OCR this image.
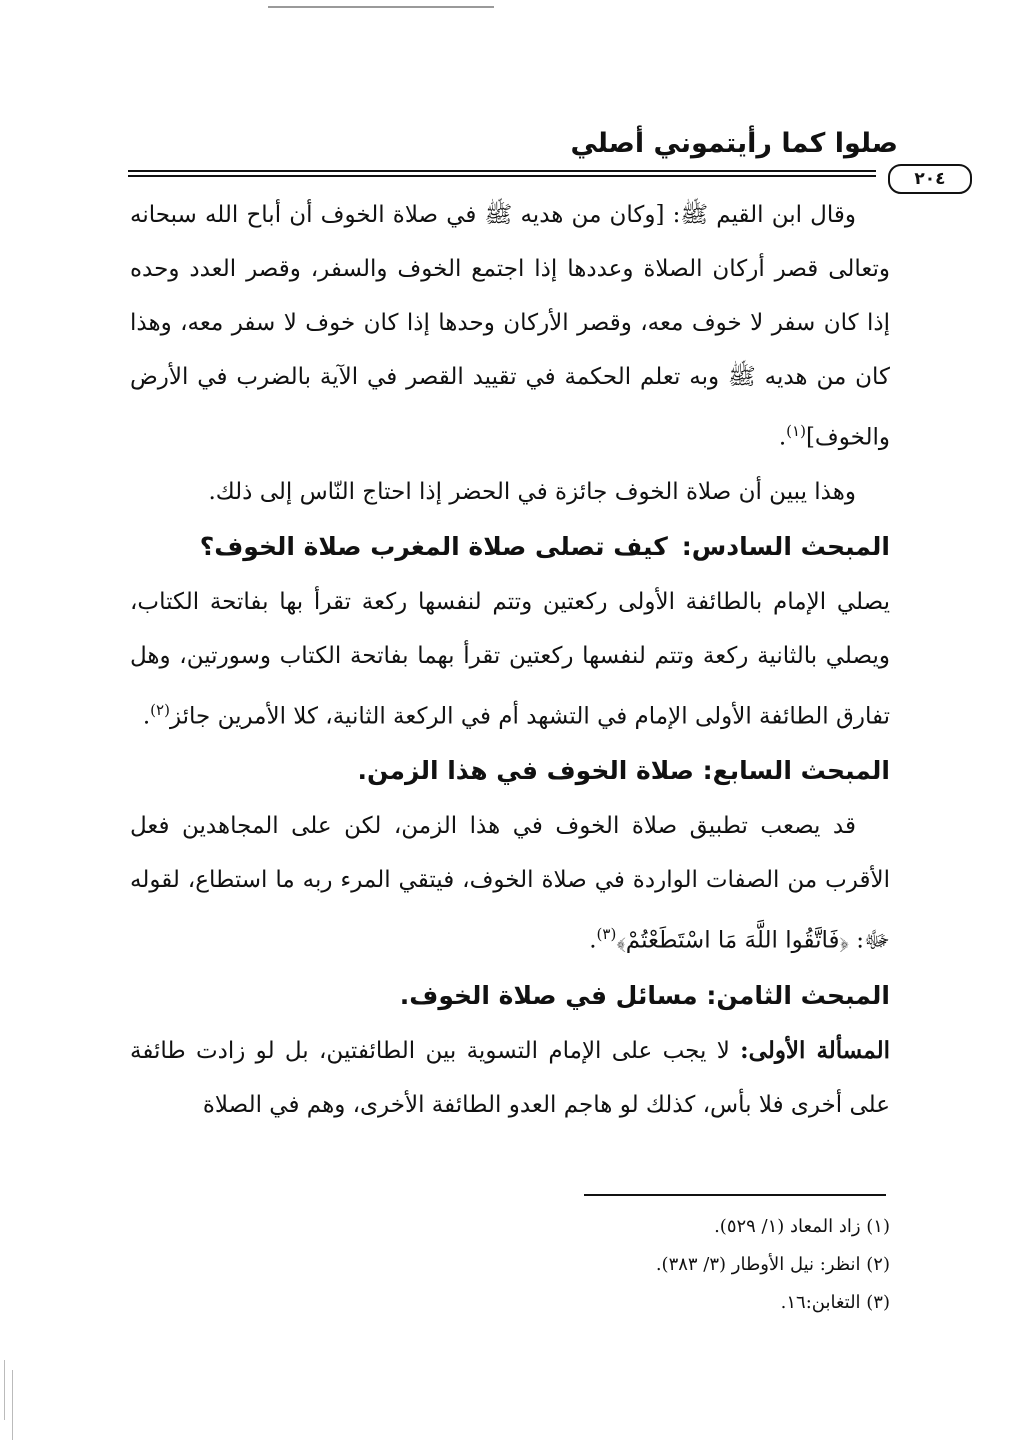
صلوا كما رأيتموني أصلي
٢٠٤

وقال ابن القيم ﷺ: [وكان من هديه ﷺ في صلاة الخوف أن أباح الله سبحانه وتعالى قصر أركان الصلاة وعددها إذا اجتمع الخوف والسفر، وقصر العدد وحده إذا كان سفر لا خوف معه، وقصر الأركان وحدها إذا كان خوف لا سفر معه، وهذا كان من هديه ﷺ وبه تعلم الحكمة في تقييد القصر في الآية بالضرب في الأرض والخوف]$^{(١)}$.

وهذا يبين أن صلاة الخوف جائزة في الحضر إذا احتاج النّاس إلى ذلك.

المبحث السادس:كيف تصلى صلاة المغرب صلاة الخوف؟

يصلي الإمام بالطائفة الأولى ركعتين وتتم لنفسها ركعة تقرأ بها بفاتحة الكتاب، ويصلي بالثانية ركعة وتتم لنفسها ركعتين تقرأ بهما بفاتحة الكتاب وسورتين، وهل تفارق الطائفة الأولى الإمام في التشهد أم في الركعة الثانية، كلا الأمرين جائز$^{(٢)}$.

المبحث السابع: صلاة الخوف في هذا الزمن.

قد يصعب تطبيق صلاة الخوف في هذا الزمن، لكن على المجاهدين فعل الأقرب من الصفات الواردة في صلاة الخوف، فيتقي المرء ربه ما استطاع، لقوله ﷻ: ﴿فَاتَّقُوا اللَّهَ مَا اسْتَطَعْتُمْ﴾$^{(٣)}$.

المبحث الثامن: مسائل في صلاة الخوف.

المسألة الأولى: لا يجب على الإمام التسوية بين الطائفتين، بل لو زادت طائفة على أخرى فلا بأس، كذلك لو هاجم العدو الطائفة الأخرى، وهم في الصلاة

(١) زاد المعاد (١/ ٥٢٩).

(٢) انظر: نيل الأوطار (٣/ ٣٨٣).

(٣) التغابن:١٦.
